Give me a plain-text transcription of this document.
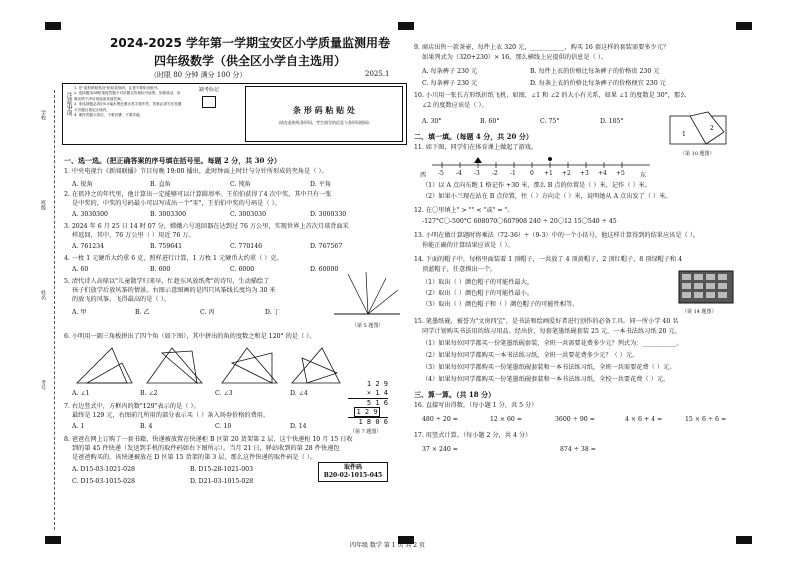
学校
班级
姓名
考号
2024-2025 学年第一学期宝安区小学质量监测用卷
四年级数学（供全区小学自主选用）
（时限 80 分钟 满分 100 分）	2025.1
注意事项
1. 在"条形码粘贴处"粘贴条形码，注意不要贴出框外。
2. 选择题用2B铅笔将答题卡对应题目答案标号涂黑，如需改动，用橡皮擦干净后再选涂其他答案。
3. 非选择题必须用0.5毫米黑色墨水签字笔作答，答案必须写在答题卡各题目指定区域内。
4. 保持答题卡清洁，不要折叠、不要弄破。
缺考标记
条 形 码 粘 贴 处
(请在此粘贴条形码，考生填写的信息与条形码相同)
一、选一选。（把正确答案的序号填在括号里。每题 2 分，共 30 分）
1. 中央电视台《新闻联播》节目每晚 19:00 播出，此时钟面上时针与分针所形成的夹角是（ ）。
A. 锐角	B. 直角	C. 钝角	D. 平角
2. 在祖冲之的年代里，他计算出一定能够可以计算圆周率。王伯伯获得了4 次中奖，其中只有一张
是中奖的，中奖的号码最小可以写成出一个"零"，王伯伯中奖的号码是（ ）。
A. 3030300	B. 3003300	C. 3003030	D. 3000330
3. 2024 年 6 月 25 日 14 时 07 分，嫦娥六号返回器在达到过 76 万公里，实现世界上首次月球背面采
样返回，其中，76 万公里（ ）用近 76 万。
A. 761234	B. 759641	C. 770146	D. 767567
4. 一枚 1 元硬币大约重 6 克，照样进行计算，1 万枚 1 元硬币大约重（ ）克。
A. 60	B. 600	C. 6000	D. 60000
5. 清代诗人高鼎以"儿童散学归来早，忙趁东风放纸鸢"的诗句，生动描绘了
孩子们放学后放风筝的情景。右图示意图画的是四只风筝线长度均为 30 米
的放飞的风筝，飞得最高的是（ ）。
A. 甲	B. 乙	C. 丙	D. 丁
（第 5 题图）
6. 小明用一副三角板拼出了四个角（如下图），其中拼出的角的度数之和是 120° 的是（ ）。
A. ∠1	B. ∠2	C. ∠3	D. ∠4
1 2 9
× 1 4
5 1 6
1 2 9
1 8 0 6
（第 7 题图）
7. 右边竖式中，方框内的数"129"表示的是（ ）。
最终是 129 元，右图前几所用的部分表示买（ ）条入场券价格的费用。
A. 1	B. 4	C. 10	D. 14
8. 爸爸在网上订购了一套书籍，快递被放置在快递柜 B 区第 20 货架第 2 层，这个快递柜 10 月 15 日收
到的第 45 件快递（发送到手机的取件码如右下图所示）。当月 21 日，驿站收到的第 28 件快递包
是爸爸购买的，该快递被放在 D 区第 15 货架的第 3 层，那么这件快递的取件码是（ ）。
A. D15-03-1021-028	B. D15-28-1021-003
C. D15-03-1015-028	D. D21-03-1015-028
取件码
B20-02-1015-045
9. 商店出售一款茶壶，每件上衣 320 元，___________，购买 16 套这样的套装需要多少元？
如果列式为（320+230）× 16，那么横线上应提供的信息是（ ）。
A. 每条裤子 230 元	B. 每件上衣的价格比每条裤子的价格贵 230 元
C. 每条裤子 230 元	D. 每条上衣的价格比每条裤子的价格便宜 230 元
10. 小川用一张长方形纸折纸飞机，如图，∠1 和 ∠2 的大小有关系，如果 ∠1 的度数是 30°，那么
∠2 的度数应该是（ ）。
A. 30°	B. 60°	C. 75°	D. 105°
1
2
（第 10 题图）
二、填一填。（每题 4 分，共 20 分）
11. 如下图，同学们在体育课上做起了游戏。
西 -5 -4 -3 -2 -1 0 +1 +2 +3 +4 +5	东
（1）以 A 点向东跑 1 格记作 +30 米，那么 B 点的位置是（ ）米，记作（ ）米。
（2）如果小兰现在站在 B 点位置，往（ ）方向走（ ）米，说明她从 A 点出发了（ ）米。
12. 在〇里填上" > "" < "或" = "。
-127°C〇-500°C 608070〇607908 240 ÷ 20〇12 15〇540 ÷ 45
13. 小明在做计算题时将乘法（72-36）÷（9-3）中的一个小括号，他这样计算得到的结果应该是（ ）。
你能正确的计算结果应该是（ ）。
14. 下面的帽子中，每格里面装着 1 顶帽子，一共放了 4 顶黄帽子、2 顶红帽子、8 顶绿帽子和 4
顶蓝帽子，任意摸出一个。
（1）取出（ ）颜色帽子的可能性最大。
（2）取出（ ）颜色帽子的可能性最小。
（3）取出（ ）颜色帽子和（ ）颜色帽子的可能性相等。
（第 14 题图）
15. 笔墨纸砚，被誉为"文房四宝"，是书法和绘画爱好者进行创作的必备工具。同一所小学 40 名
同学计划购买书法用的练习用品。经出价，每套笔墨纸砚套装 25 元，一本书法练习纸 20 元。
（1）如果每位同学都买一份笔墨纸砚套装，全班一共需要花费多少元？列式为：___________。
（2）如果每位同学都购买一本书法练习纸，全班一共要花费多少元？（ ）元。
（3）如果每位同学都购买一份笔墨纸砚套装和一本书法练习纸，全班一共需要花费（ ）元。
（4）如果每位同学都购买一份笔墨纸砚套装和一本书法练习纸，全校一共要花费（ ）元。
三、算一算。（共 18 分）
16. 直接写出得数。（每小题 1 分，共 5 分）
480 ÷ 20 =	12 × 60 =	3600 ÷ 90 =	4 × 6 + 4 =	15 × 6 ÷ 6 =
17. 用竖式计算。（每小题 2 分，共 4 分）
37 × 240 =	874 ÷ 38 =
四年级 数学 第 1 页 共 2 页
